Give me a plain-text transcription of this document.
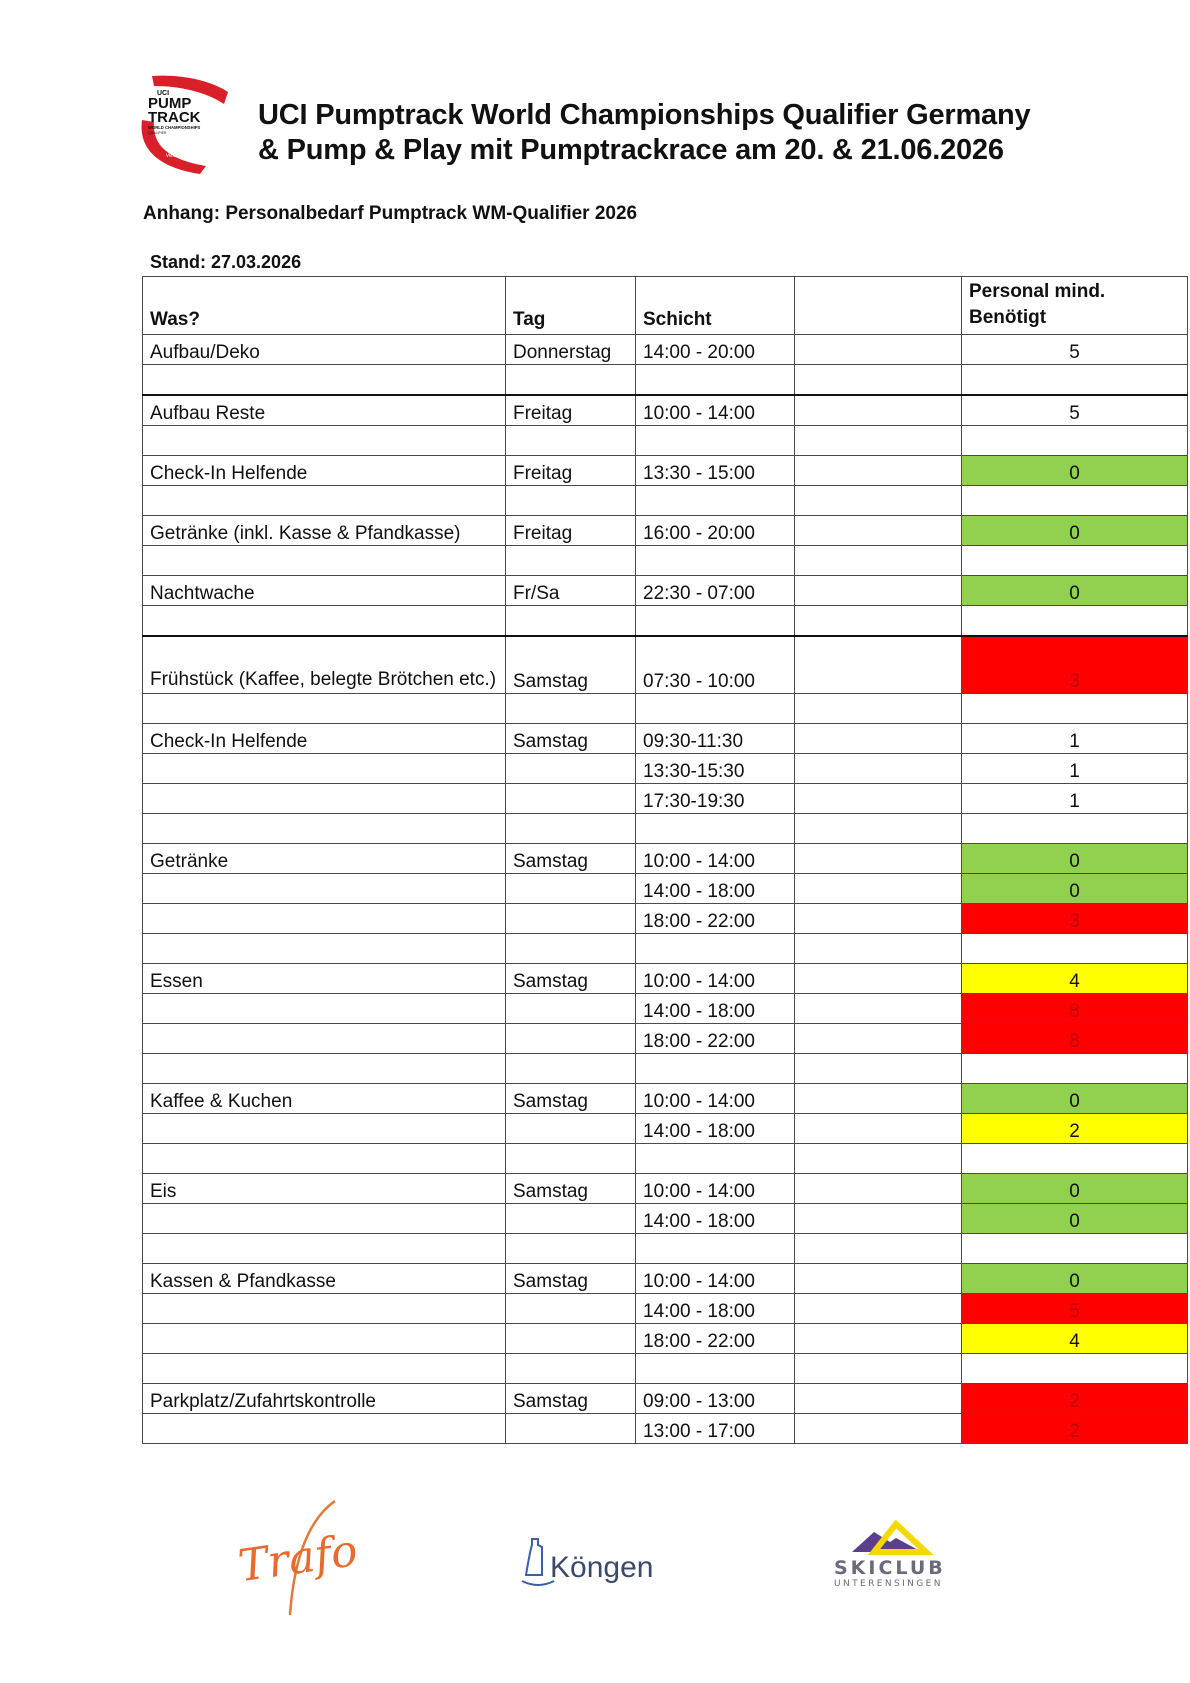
UCI
PUMP
TRACK
WORLD CHAMPIONSHIPS
QUALIFIER
velosolutions
UCI Pumptrack World Championships Qualifier Germany
& Pump & Play mit Pumptrackrace am 20. & 21.06.2026
Anhang: Personalbedarf Pumptrack WM-Qualifier 2026
Stand: 27.03.2026
Was?	Tag	Schicht		Personal mind. Benötigt
Aufbau/Deko	Donnerstag	14:00 - 20:00		5

Aufbau Reste	Freitag	10:00 - 14:00		5

Check-In Helfende	Freitag	13:30 - 15:00		0

Getränke (inkl. Kasse & Pfandkasse)	Freitag	16:00 - 20:00		0

Nachtwache	Fr/Sa	22:30 - 07:00		0

Frühstück (Kaffee, belegte Brötchen etc.)	Samstag	07:30 - 10:00		3

Check-In Helfende	Samstag	09:30-11:30		1
		13:30-15:30		1
		17:30-19:30		1

Getränke	Samstag	10:00 - 14:00		0
		14:00 - 18:00		0
		18:00 - 22:00		3

Essen	Samstag	10:00 - 14:00		4
		14:00 - 18:00		8
		18:00 - 22:00		8

Kaffee & Kuchen	Samstag	10:00 - 14:00		0
		14:00 - 18:00		2

Eis	Samstag	10:00 - 14:00		0
		14:00 - 18:00		0

Kassen & Pfandkasse	Samstag	10:00 - 14:00		0
		14:00 - 18:00		5
		18:00 - 22:00		4

Parkplatz/Zufahrtskontrolle	Samstag	09:00 - 13:00		2
		13:00 - 17:00		2
Trafo	Köngen	SKICLUB
UNTERENSINGEN
